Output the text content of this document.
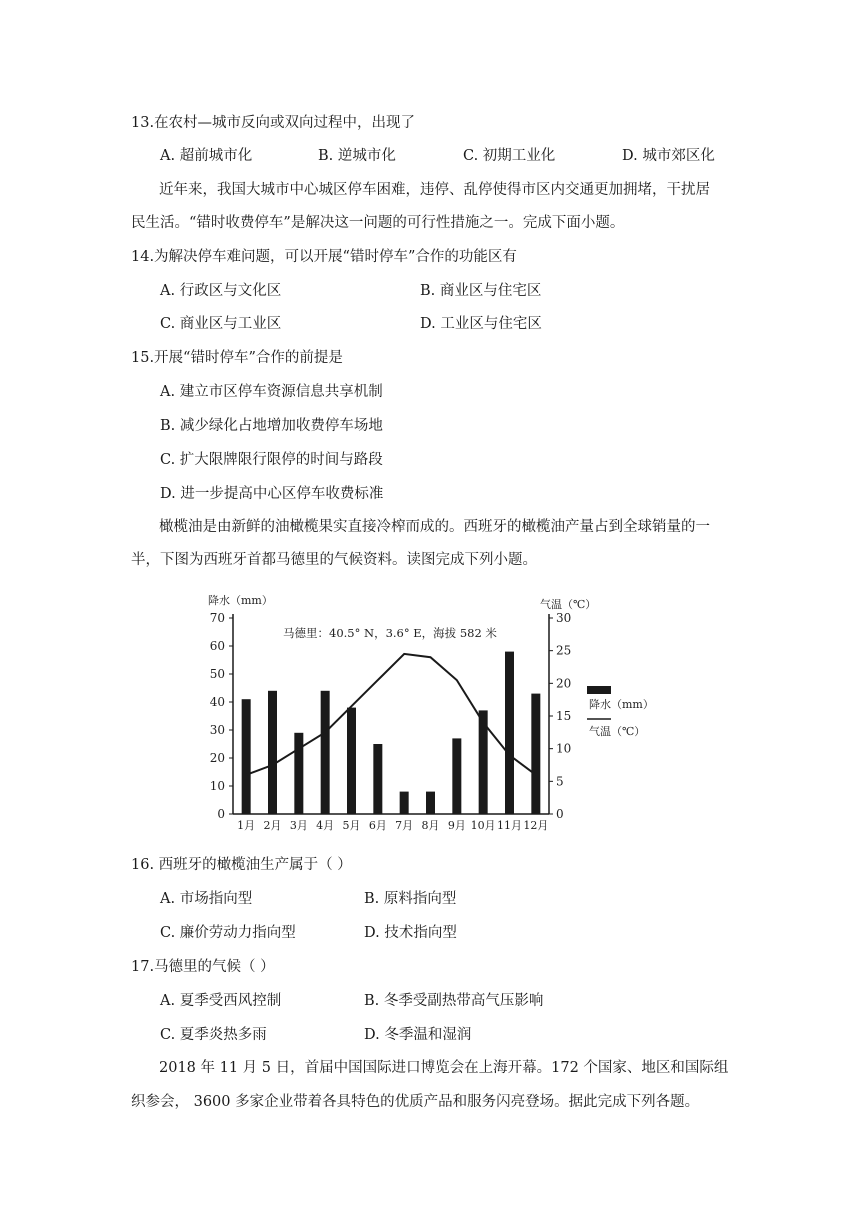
13.在农村—城市反向或双向过程中，出现了
A. 超前城市化	B. 逆城市化	C. 初期工业化	D. 城市郊区化
近年来，我国大城市中心城区停车困难，违停、乱停使得市区内交通更加拥堵，干扰居
民生活。“错时收费停车”是解决这一问题的可行性措施之一。完成下面小题。
14.为解决停车难问题，可以开展“错时停车”合作的功能区有
A. 行政区与文化区	B. 商业区与住宅区
C. 商业区与工业区	D. 工业区与住宅区
15.开展“错时停车”合作的前提是
A. 建立市区停车资源信息共享机制
B. 减少绿化占地增加收费停车场地
C. 扩大限牌限行限停的时间与路段
D. 进一步提高中心区停车收费标准
橄榄油是由新鲜的油橄榄果实直接冷榨而成的。西班牙的橄榄油产量占到全球销量的一
半，下图为西班牙首都马德里的气候资料。读图完成下列小题。
0
10
20
30
40
50
60
70
0
5
10
15
20
25
30
1月 2月 3月 4月 5月 6月 7月 8月 9月 10月 11月 12月
降水（mm）	气温（℃）
马德里：40.5° N，3.6° E，海拔 582 米
降水（mm）
气温（℃）
16. 西班牙的橄榄油生产属于（ ）
A. 市场指向型	B. 原料指向型
C. 廉价劳动力指向型	D. 技术指向型
17.马德里的气候（ ）
A. 夏季受西风控制	B. 冬季受副热带高气压影响
C. 夏季炎热多雨	D. 冬季温和湿润
2018 年 11 月 5 日，首届中国国际进口博览会在上海开幕。172 个国家、地区和国际组
织参会， 3600 多家企业带着各具特色的优质产品和服务闪亮登场。据此完成下列各题。
